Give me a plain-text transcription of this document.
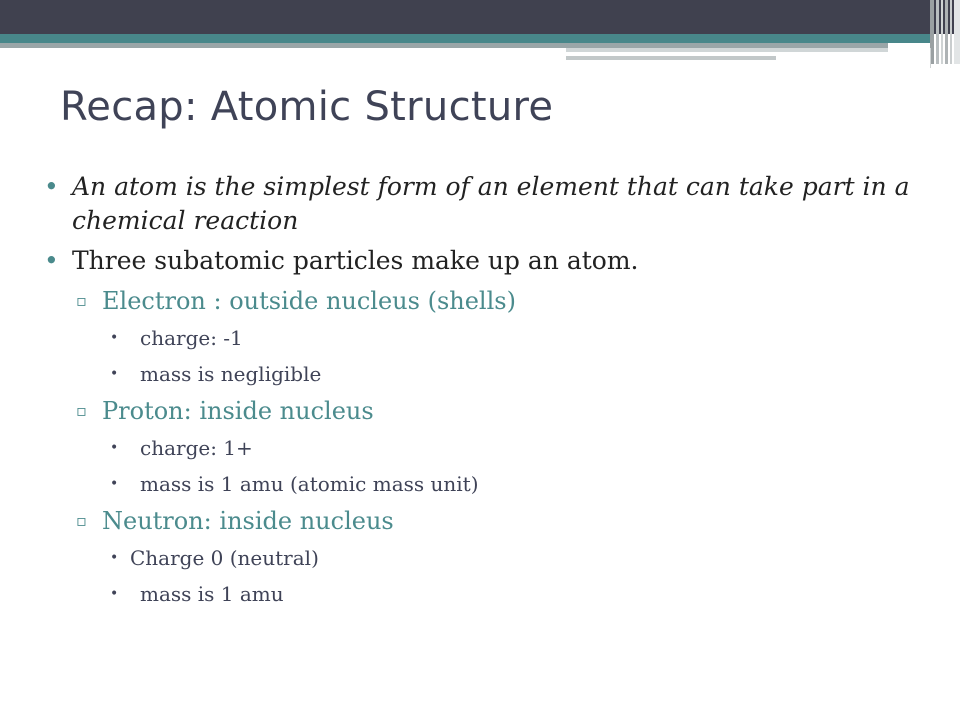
Recap: Atomic Structure
• An atom is the simplest form of an element that can take part in a chemical reaction
• Three subatomic particles make up an atom.
▫ Electron : outside nucleus (shells)
• charge: -1
• mass is negligible
▫ Proton: inside nucleus
• charge: 1+
• mass is 1 amu (atomic mass unit)
▫ Neutron: inside nucleus
• Charge 0 (neutral)
• mass is 1 amu
